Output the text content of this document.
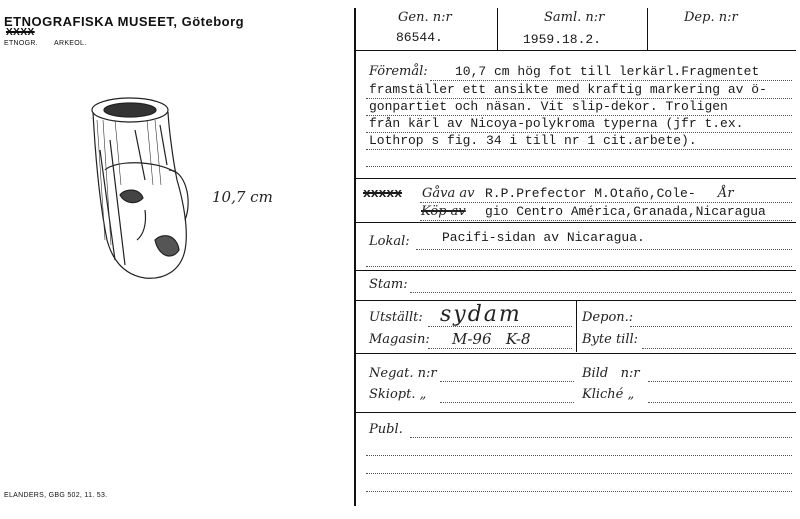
ETNOGRAFISKA MUSEET, Göteborg
XXXX
ETNOGR. ARKEOL.
10,7 cm
ELANDERS, GBG 502, 11. 53.
Gen. n:r
86544.
Saml. n:r
1959.18.2.
Dep. n:r
Föremål: 10,7 cm hög fot till lerkärl.Fragmentet
framställer ett ansikte med kraftig markering av ö-
gonpartiet och näsan. Vit slip-dekor. Troligen
från kärl av Nicoya-polykroma typerna (jfr t.ex.
Lothrop s fig. 34 i till nr 1 cit.arbete).
xxxxx Gåva av R.P.Prefector M.Otaño,Cole- År
Köp av gio Centro América,Granada,Nicaragua
Lokal: Pacifi-sidan av Nicaragua.
Stam:
Utställt: sydam	Depon.:
Magasin: M-96   K-8	Byte till:
Negat. n:r	Bild   n:r
Skiopt. „	Kliché „
Publ.
